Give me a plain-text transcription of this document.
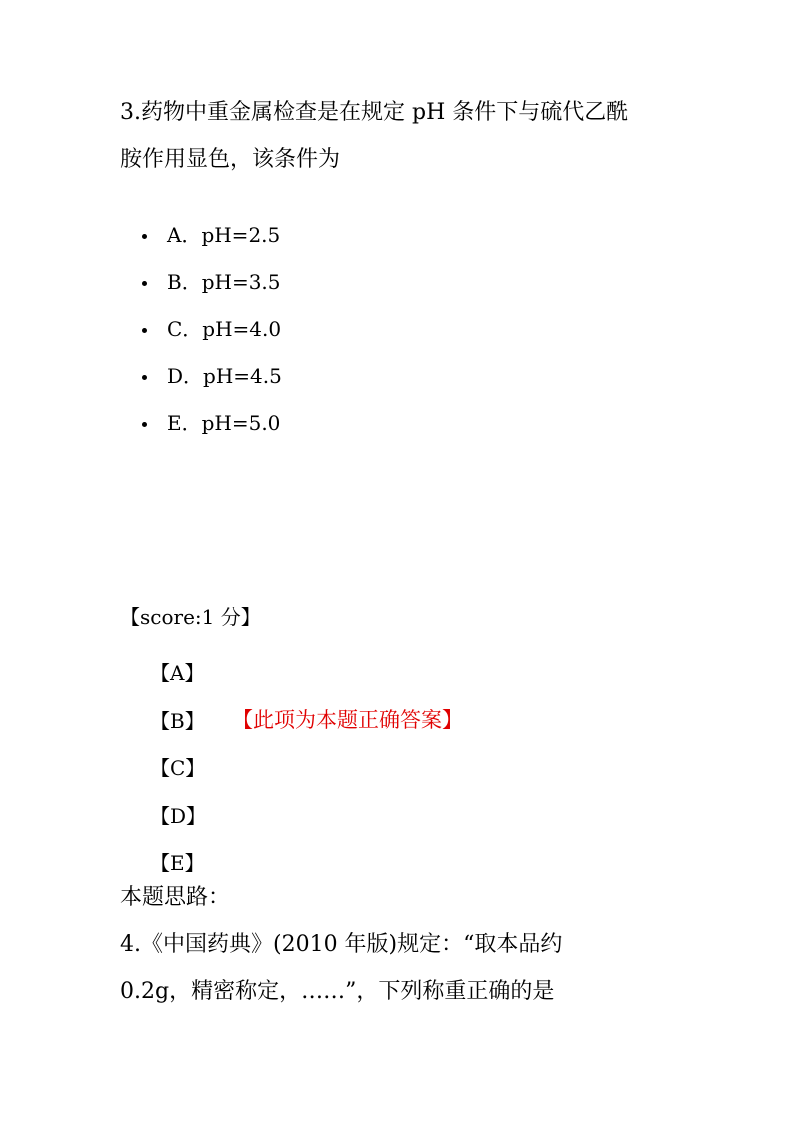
3.药物中重金属检查是在规定 pH 条件下与硫代乙酰
胺作用显色，该条件为
A．pH=2.5
B．pH=3.5
C．pH=4.0
D．pH=4.5
E．pH=5.0
【score:1 分】
【A】
【B】	【此项为本题正确答案】
【C】
【D】
【E】
本题思路：
4.《中国药典》(2010 年版)规定：“取本品约
0.2g，精密称定，……”，下列称重正确的是
